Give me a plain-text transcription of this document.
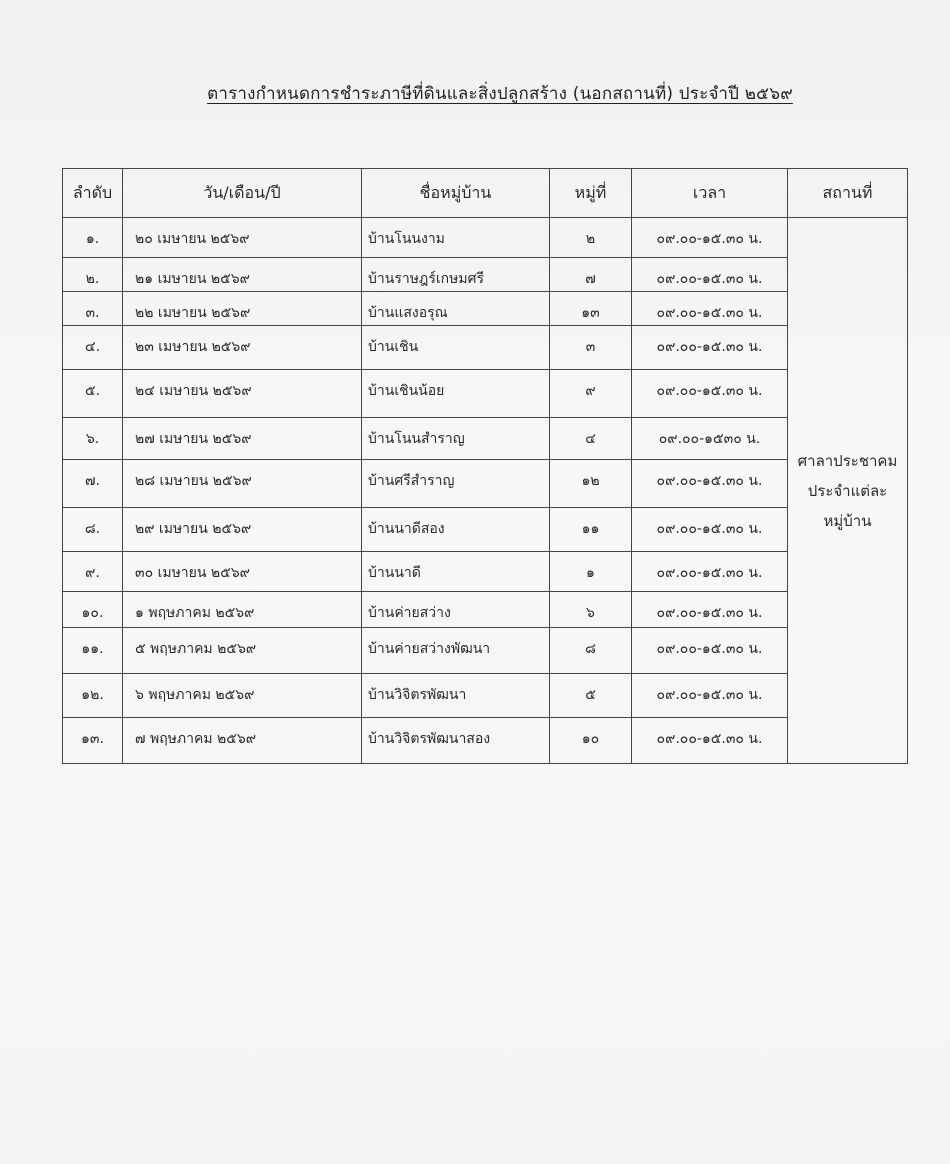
ตารางกำหนดการชำระภาษีที่ดินและสิ่งปลูกสร้าง (นอกสถานที่) ประจำปี ๒๕๖๙
ลำดับ	วัน/เดือน/ปี	ชื่อหมู่บ้าน	หมู่ที่	เวลา	สถานที่
๑.	๒๐ เมษายน ๒๕๖๙	บ้านโนนงาม	๒	๐๙.๐๐-๑๕.๓๐ น.	ศาลาประชาคม
ประจำแต่ละ
หมู่บ้าน

๒.	๒๑ เมษายน ๒๕๖๙	บ้านราษฎร์เกษมศรี	๗	๐๙.๐๐-๑๕.๓๐ น.	
๓.	๒๒ เมษายน ๒๕๖๙	บ้านแสงอรุณ	๑๓	๐๙.๐๐-๑๕.๓๐ น.	
๔.	๒๓ เมษายน ๒๕๖๙	บ้านเชิน	๓	๐๙.๐๐-๑๕.๓๐ น.	
๕.	๒๔ เมษายน ๒๕๖๙	บ้านเชินน้อย	๙	๐๙.๐๐-๑๕.๓๐ น.	
๖.	๒๗ เมษายน ๒๕๖๙	บ้านโนนสำราญ	๔	๐๙.๐๐-๑๕๓๐ น.	
๗.	๒๘ เมษายน ๒๕๖๙	บ้านศรีสำราญ	๑๒	๐๙.๐๐-๑๕.๓๐ น.	
๘.	๒๙ เมษายน ๒๕๖๙	บ้านนาดีสอง	๑๑	๐๙.๐๐-๑๕.๓๐ น.	
๙.	๓๐ เมษายน ๒๕๖๙	บ้านนาดี	๑	๐๙.๐๐-๑๕.๓๐ น.	
๑๐.	๑ พฤษภาคม ๒๕๖๙	บ้านค่ายสว่าง	๖	๐๙.๐๐-๑๕.๓๐ น.	
๑๑.	๕ พฤษภาคม ๒๕๖๙	บ้านค่ายสว่างพัฒนา	๘	๐๙.๐๐-๑๕.๓๐ น.	
๑๒.	๖ พฤษภาคม ๒๕๖๙	บ้านวิจิตรพัฒนา	๕	๐๙.๐๐-๑๕.๓๐ น.	
๑๓.	๗ พฤษภาคม ๒๕๖๙	บ้านวิจิตรพัฒนาสอง	๑๐	๐๙.๐๐-๑๕.๓๐ น.	
